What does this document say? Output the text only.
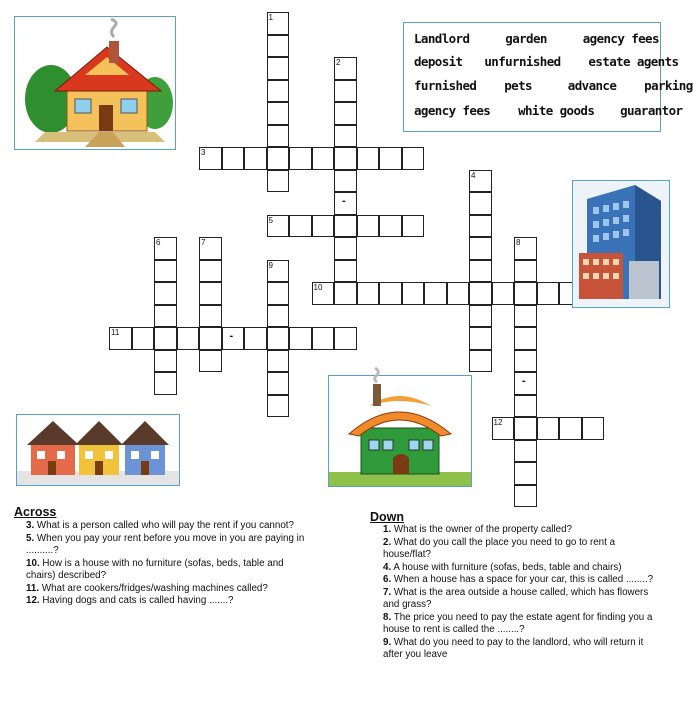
1
2
3
4
5
6	7	8
9
10
11
12
-
-
-
Landlord	garden	agency fees
deposit unfurnished estate agents
furnished pets	advance parking
agency fees white goods guarantor
Across	Down

3. What is a person called who will pay the rent if you cannot?

5. When you pay your rent before you move in you are paying in ..........?

10. How is a house with no furniture (sofas, beds, table and chairs) described?

11. What are cookers/fridges/washing machines called?

12. Having dogs and cats is called having .......?

1. What is the owner of the property called?

2. What do you call the place you need to go to rent a house/flat?

4. A house with furniture (sofas, beds, table and chairs)

6. When a house has a space for your car, this is called ........?

7. What is the area outside a house called, which has flowers and grass?

8. The price you need to pay the estate agent for finding you a house to rent is called the ........?

9. What do you need to pay to the landlord, who will return it after you leave
